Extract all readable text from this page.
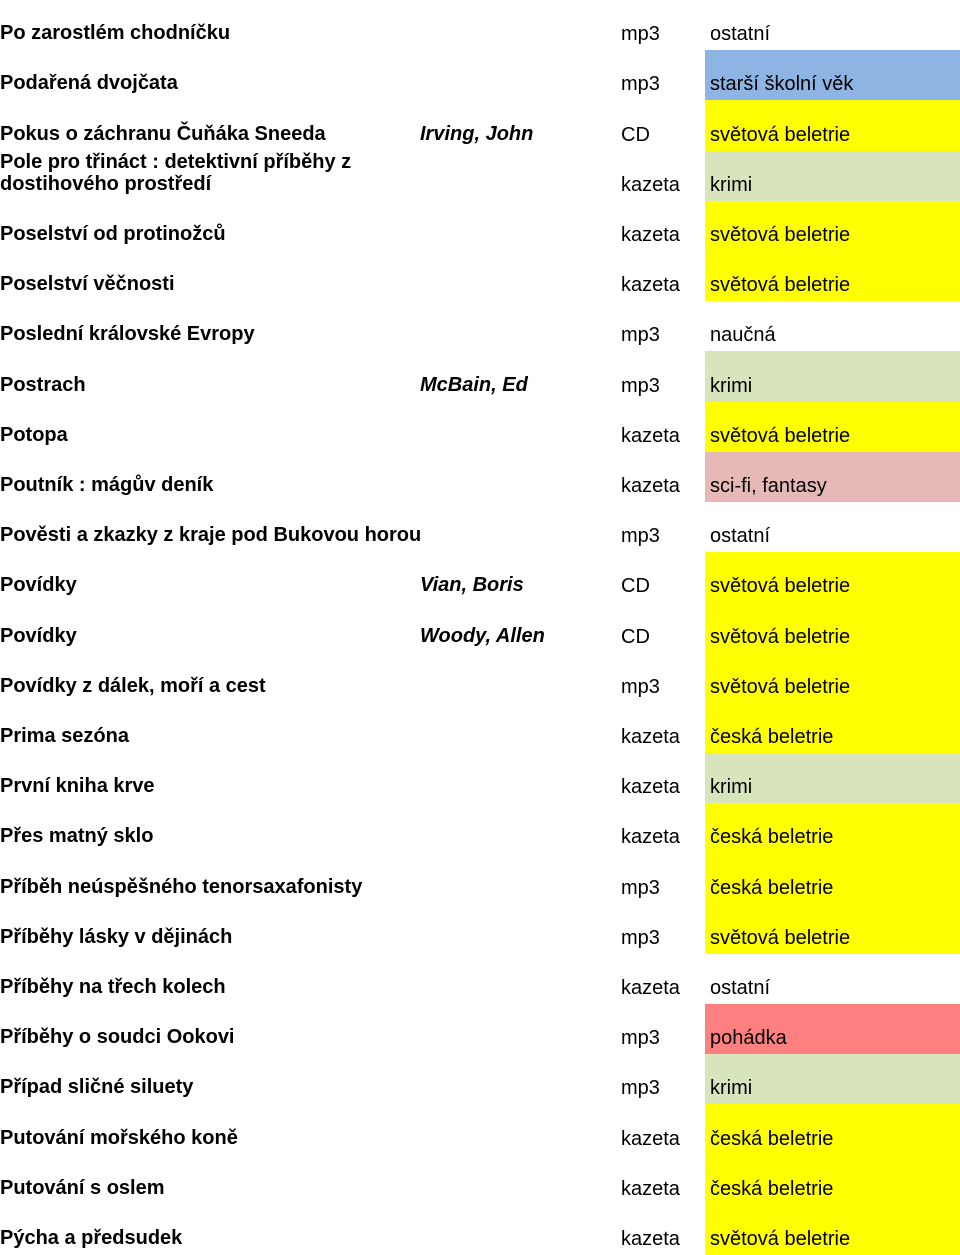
Po zarostlém chodníčku	mp3	ostatní
Podařená dvojčata	mp3	starší školní věk
Pokus o záchranu Čuňáka Sneeda	Irving, John	CD	světová beletrie
Pole pro třináct : detektivní příběhy z dostihového prostředí	kazeta krimi
Poselství od protinožců	kazeta světová beletrie
Poselství věčnosti	kazeta světová beletrie
Poslední královské Evropy	mp3	naučná
Postrach	McBain, Ed	mp3	krimi
Potopa	kazeta světová beletrie
Poutník : mágův deník	kazeta sci-fi, fantasy
Pověsti a zkazky z kraje pod Bukovou horou	mp3	ostatní
Povídky	Vian, Boris	CD	světová beletrie
Povídky	Woody, Allen	CD	světová beletrie
Povídky z dálek, moří a cest	mp3	světová beletrie
Prima sezóna	kazeta česká beletrie
První kniha krve	kazeta krimi
Přes matný sklo	kazeta česká beletrie
Příběh neúspěšného tenorsaxafonisty	mp3	česká beletrie
Příběhy lásky v dějinách	mp3	světová beletrie
Příběhy na třech kolech	kazeta ostatní
Příběhy o soudci Ookovi	mp3	pohádka
Případ sličné siluety	mp3	krimi
Putování mořského koně	kazeta česká beletrie
Putování s oslem	kazeta česká beletrie
Pýcha a předsudek	kazeta světová beletrie
